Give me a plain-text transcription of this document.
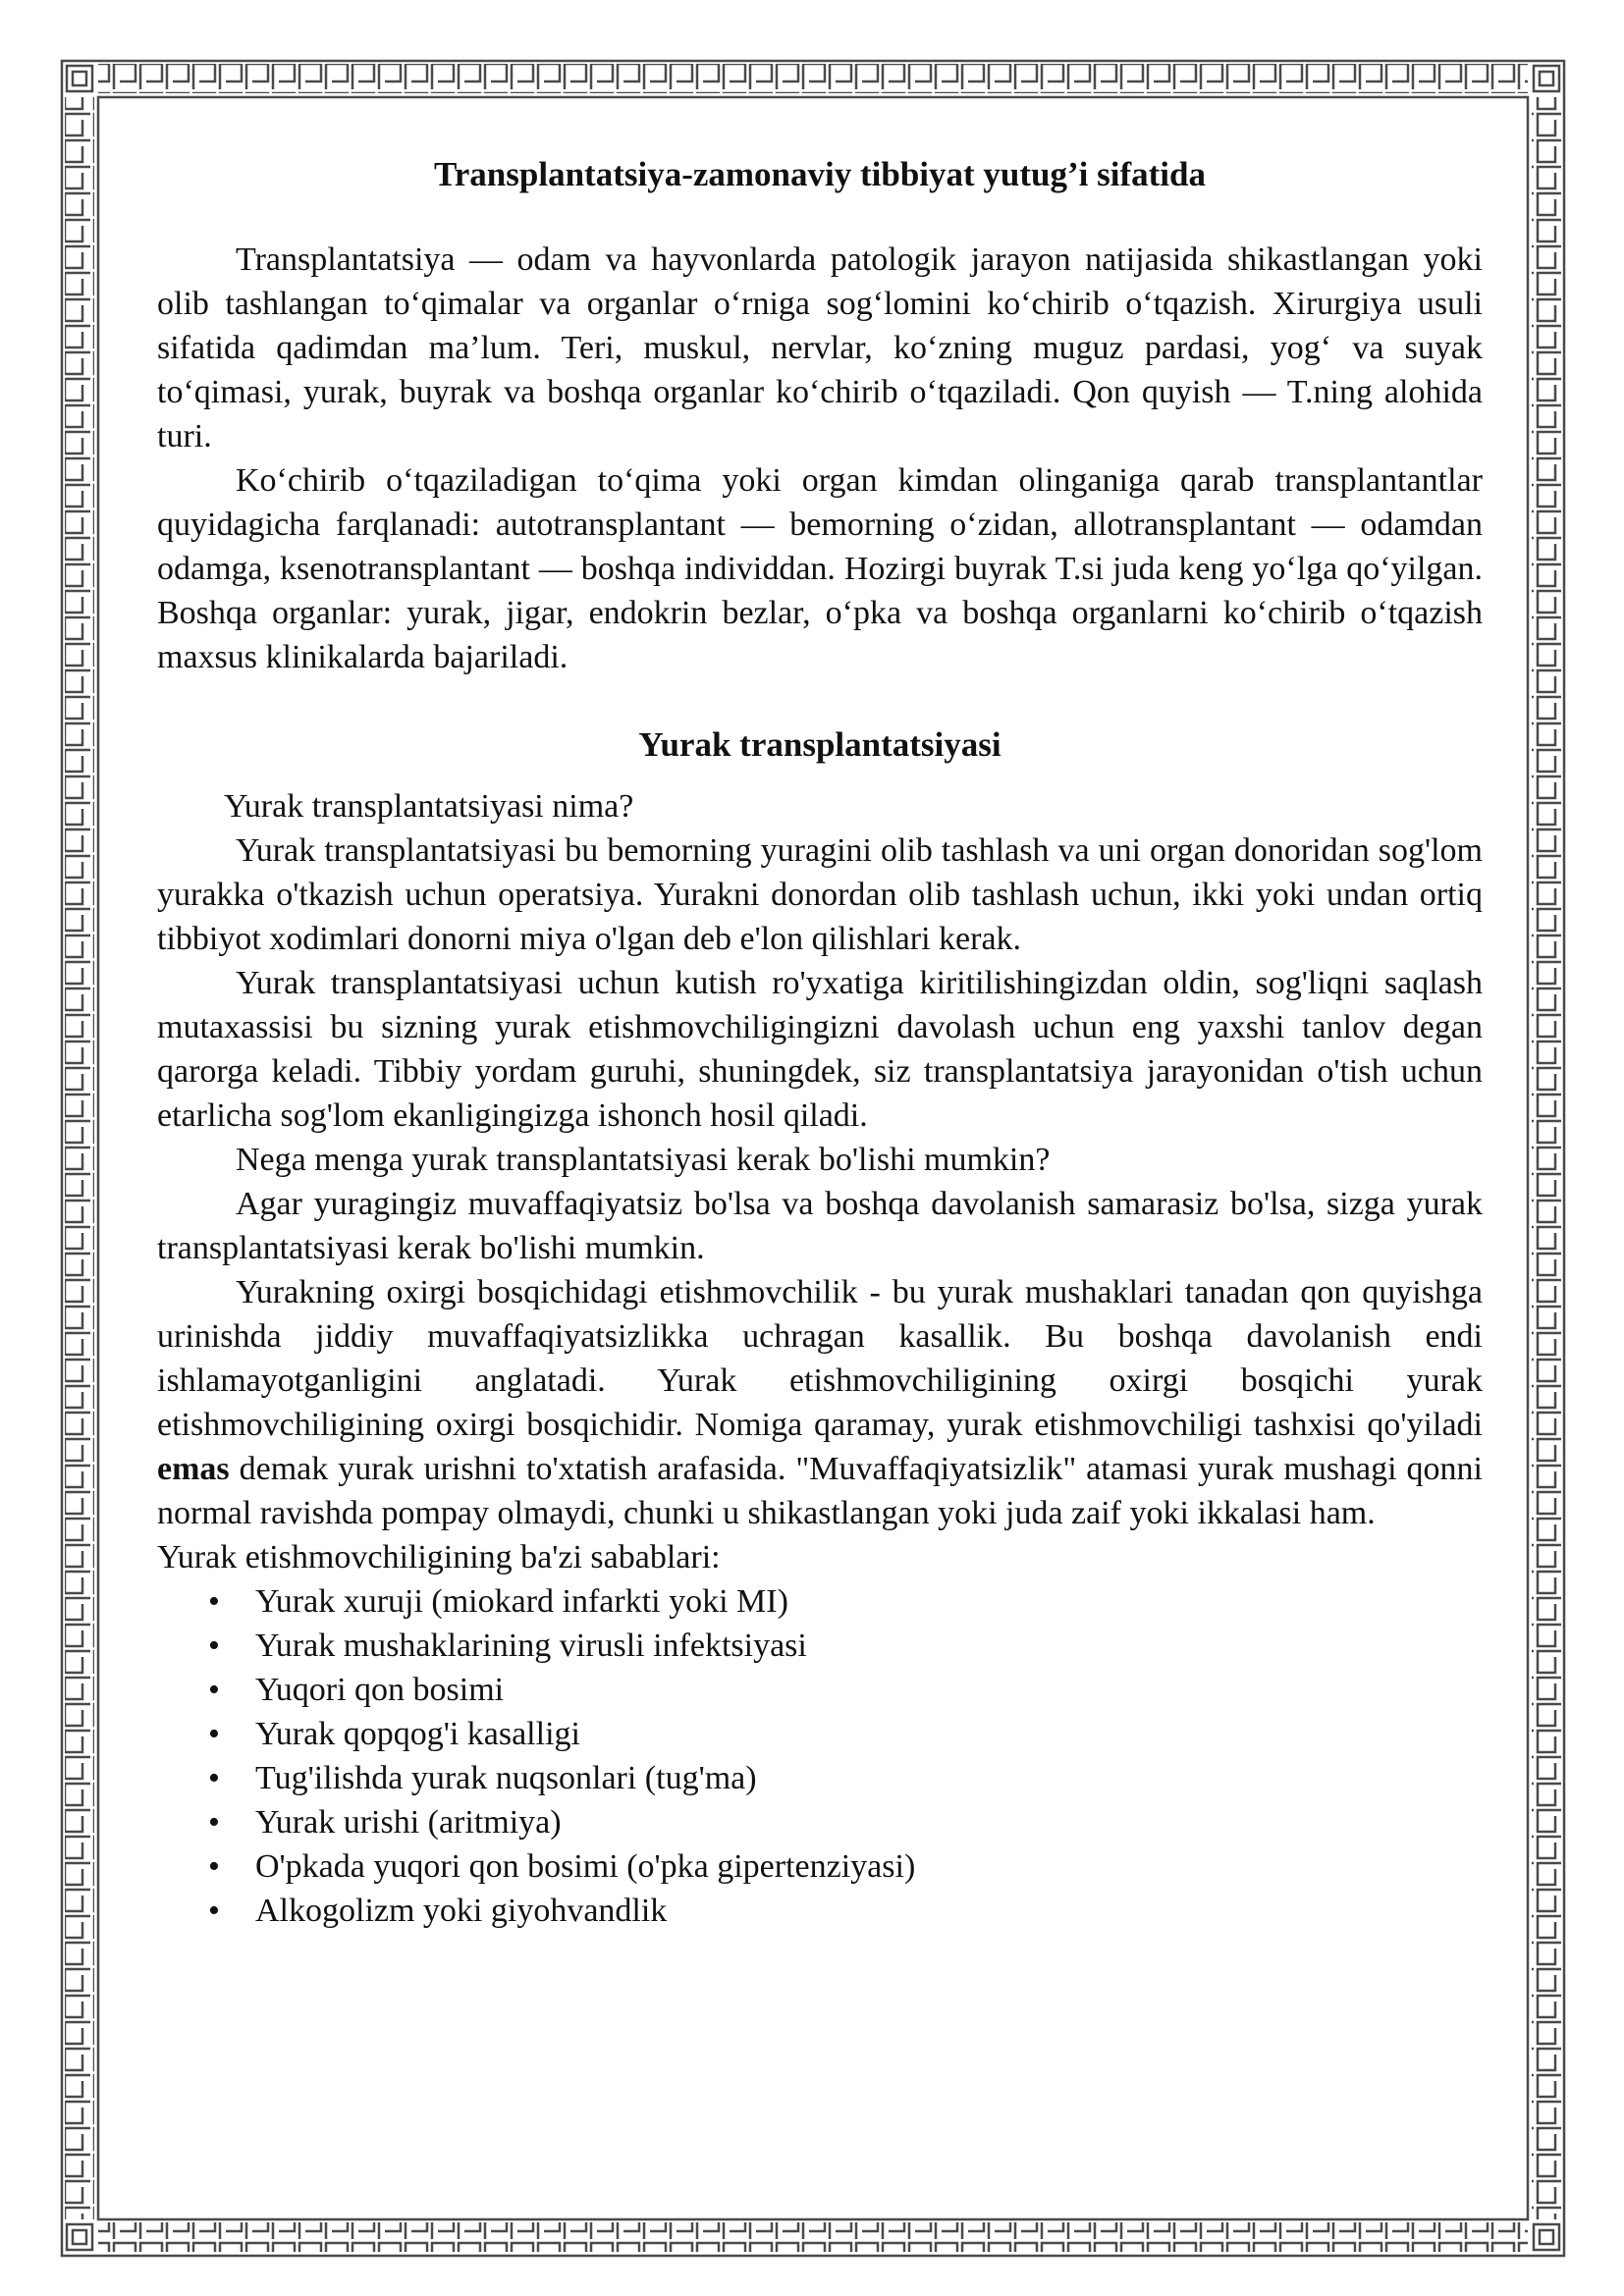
Transplantatsiya-zamonaviy tibbiyat yutug’i sifatida

Transplantatsiya — odam va hayvonlarda patologik jarayon natijasida shikastlangan yoki olib tashlangan to‘qimalar va organlar o‘rniga sog‘lomini ko‘chirib o‘tqazish. Xirurgiya usuli sifatida qadimdan ma’lum. Teri, muskul, nervlar, ko‘zning muguz pardasi, yog‘ va suyak to‘qimasi, yurak, buyrak va boshqa organlar ko‘chirib o‘tqaziladi. Qon quyish — T.ning alohida turi.

Ko‘chirib o‘tqaziladigan to‘qima yoki organ kimdan olinganiga qarab transplantantlar quyidagicha farqlanadi: autotransplantant — bemorning o‘zidan, allotransplantant — odamdan odamga, ksenotransplantant — boshqa individdan. Hozirgi buyrak T.si juda keng yo‘lga qo‘yilgan. Boshqa organlar: yurak, jigar, endokrin bezlar, o‘pka va boshqa organlarni ko‘chirib o‘tqazish maxsus klinikalarda bajariladi.

Yurak transplantatsiyasi

Yurak transplantatsiyasi nima?

Yurak transplantatsiyasi bu bemorning yuragini olib tashlash va uni organ donoridan sog'lom yurakka o'tkazish uchun operatsiya. Yurakni donordan olib tashlash uchun, ikki yoki undan ortiq tibbiyot xodimlari donorni miya o'lgan deb e'lon qilishlari kerak.

Yurak transplantatsiyasi uchun kutish ro'yxatiga kiritilishingizdan oldin, sog'liqni saqlash mutaxassisi bu sizning yurak etishmovchiligingizni davolash uchun eng yaxshi tanlov degan qarorga keladi. Tibbiy yordam guruhi, shuningdek, siz transplantatsiya jarayonidan o'tish uchun etarlicha sog'lom ekanligingizga ishonch hosil qiladi.

Nega menga yurak transplantatsiyasi kerak bo'lishi mumkin?

Agar yuragingiz muvaffaqiyatsiz bo'lsa va boshqa davolanish samarasiz bo'lsa, sizga yurak transplantatsiyasi kerak bo'lishi mumkin.

Yurakning oxirgi bosqichidagi etishmovchilik - bu yurak mushaklari tanadan qon quyishga urinishda jiddiy muvaffaqiyatsizlikka uchragan kasallik. Bu boshqa davolanish endi ishlamayotganligini anglatadi. Yurak etishmovchiligining oxirgi bosqichi yurak etishmovchiligining oxirgi bosqichidir. Nomiga qaramay, yurak etishmovchiligi tashxisi qo'yiladi emas demak yurak urishni to'xtatish arafasida. "Muvaffaqiyatsizlik" atamasi yurak mushagi qonni normal ravishda pompay olmaydi, chunki u shikastlangan yoki juda zaif yoki ikkalasi ham.

Yurak etishmovchiligining ba'zi sabablari:

• Yurak xuruji (miokard infarkti yoki MI)
• Yurak mushaklarining virusli infektsiyasi
• Yuqori qon bosimi
• Yurak qopqog'i kasalligi
• Tug'ilishda yurak nuqsonlari (tug'ma)
• Yurak urishi (aritmiya)
• O'pkada yuqori qon bosimi (o'pka gipertenziyasi)
• Alkogolizm yoki giyohvandlik
